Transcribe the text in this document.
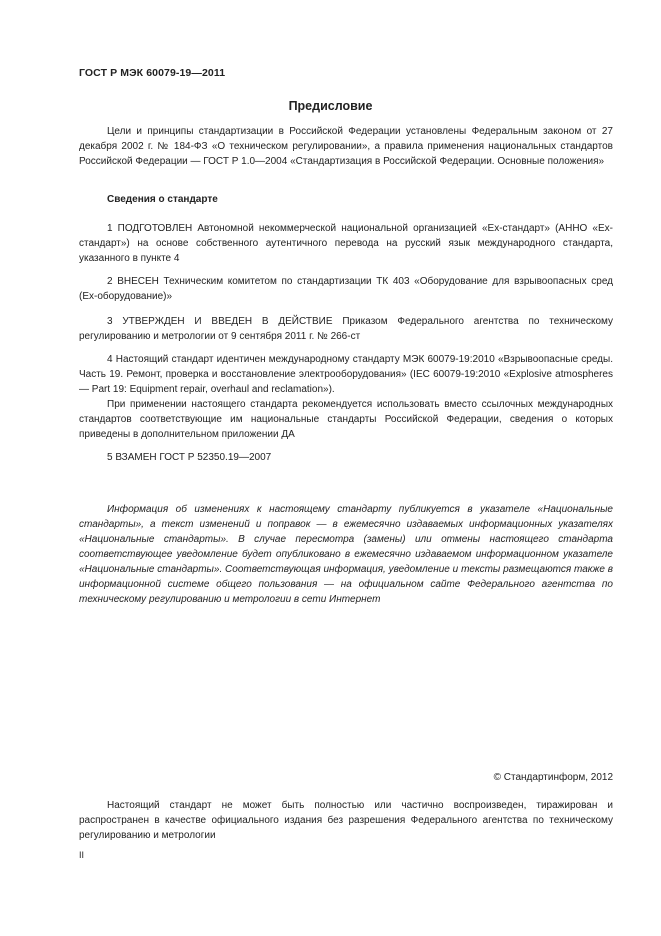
ГОСТ Р МЭК 60079-19—2011
Предисловие

Цели и принципы стандартизации в Российской Федерации установлены Федеральным законом от 27 декабря 2002 г. № 184-ФЗ «О техническом регулировании», а правила применения национальных стандартов Российской Федерации — ГОСТ Р 1.0—2004 «Стандартизация в Российской Федерации. Основные положения»

Сведения о стандарте

1 ПОДГОТОВЛЕН Автономной некоммерческой национальной организацией «Ех-стандарт» (АННО «Ех-стандарт») на основе собственного аутентичного перевода на русский язык международного стандарта, указанного в пункте 4

2 ВНЕСЕН Техническим комитетом по стандартизации ТК 403 «Оборудование для взрывоопасных сред (Ех-оборудование)»

3 УТВЕРЖДЕН И ВВЕДЕН В ДЕЙСТВИЕ Приказом Федерального агентства по техническому регулированию и метрологии от 9 сентября 2011 г. № 266-ст

4 Настоящий стандарт идентичен международному стандарту МЭК 60079-19:2010 «Взрывоопасные среды. Часть 19. Ремонт, проверка и восстановление электрооборудования» (IEC 60079-19:2010 «Explosive atmospheres — Part 19: Equipment repair, overhaul and reclamation»).

При применении настоящего стандарта рекомендуется использовать вместо ссылочных международных стандартов соответствующие им национальные стандарты Российской Федерации, сведения о которых приведены в дополнительном приложении ДА

5 ВЗАМЕН ГОСТ Р 52350.19—2007

Информация об изменениях к настоящему стандарту публикуется в указателе «Национальные стандарты», а текст изменений и поправок — в ежемесячно издаваемых информационных указателях «Национальные стандарты». В случае пересмотра (замены) или отмены настоящего стандарта соответствующее уведомление будет опубликовано в ежемесячно издаваемом информационном указателе «Национальные стандарты». Соответствующая информация, уведомление и тексты размещаются также в информационной системе общего пользования — на официальном сайте Федерального агентства по техническому регулированию и метрологии в сети Интернет

© Стандартинформ, 2012

Настоящий стандарт не может быть полностью или частично воспроизведен, тиражирован и распространен в качестве официального издания без разрешения Федерального агентства по техническому регулированию и метрологии

II
